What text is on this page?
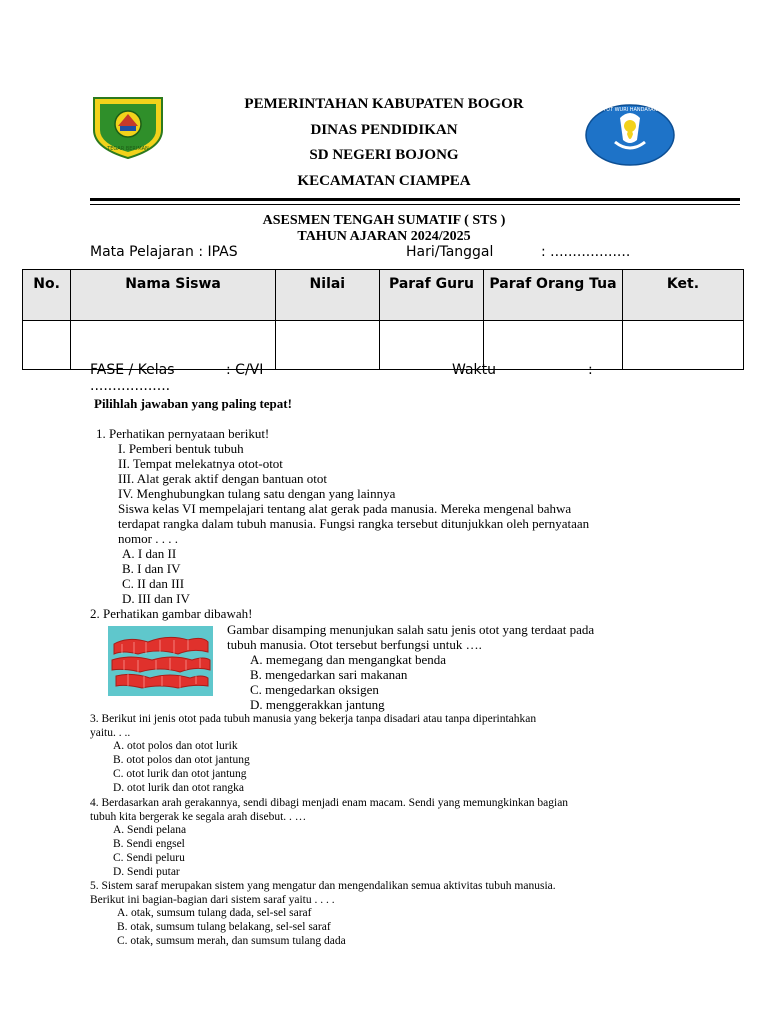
TEGAR BERIMAN
TUT WURI HANDAYANI
PEMERINTAHAN KABUPATEN BOGOR
DINAS PENDIDIKAN
SD NEGERI BOJONG
KECAMATAN CIAMPEA
ASESMEN TENGAH SUMATIF ( STS )
TAHUN AJARAN 2024/2025
Mata Pelajaran : IPAS	Hari/Tanggal	: ..................
No.	Nama Siswa	Nilai	Paraf Guru	Paraf Orang Tua	Ket.

FASE / Kelas	: C/VI	Waktu	:
..................
Pilihlah jawaban yang paling tepat!
1. Perhatikan pernyataan berikut!
I. Pemberi bentuk tubuh
II. Tempat melekatnya otot-otot
III. Alat gerak aktif dengan bantuan otot
IV. Menghubungkan tulang satu dengan yang lainnya
Siswa kelas VI mempelajari tentang alat gerak pada manusia. Mereka mengenal bahwa
terdapat rangka dalam tubuh manusia. Fungsi rangka tersebut ditunjukkan oleh pernyataan
nomor . . . .
A. I dan II
B. I dan IV
C. II dan III
D. III dan IV
2. Perhatikan gambar dibawah!
Gambar disamping menunjukan salah satu jenis otot yang terdaat pada
tubuh manusia. Otot tersebut berfungsi untuk ….
A. memegang dan mengangkat benda
B. mengedarkan sari makanan
C. mengedarkan oksigen
D. menggerakkan jantung
3. Berikut ini jenis otot pada tubuh manusia yang bekerja tanpa disadari atau tanpa diperintahkan
yaitu. . ..
A. otot polos dan otot lurik
B. otot polos dan otot jantung
C. otot lurik dan otot jantung
D. otot lurik dan otot rangka
4. Berdasarkan arah gerakannya, sendi dibagi menjadi enam macam. Sendi yang memungkinkan bagian
tubuh kita bergerak ke segala arah disebut. . …
A. Sendi pelana
B. Sendi engsel
C. Sendi peluru
D. Sendi putar
5. Sistem saraf merupakan sistem yang mengatur dan mengendalikan semua aktivitas tubuh manusia.
Berikut ini bagian-bagian dari sistem saraf yaitu . . . .
A. otak, sumsum tulang dada, sel-sel saraf
B. otak, sumsum tulang belakang, sel-sel saraf
C. otak, sumsum merah, dan sumsum tulang dada
